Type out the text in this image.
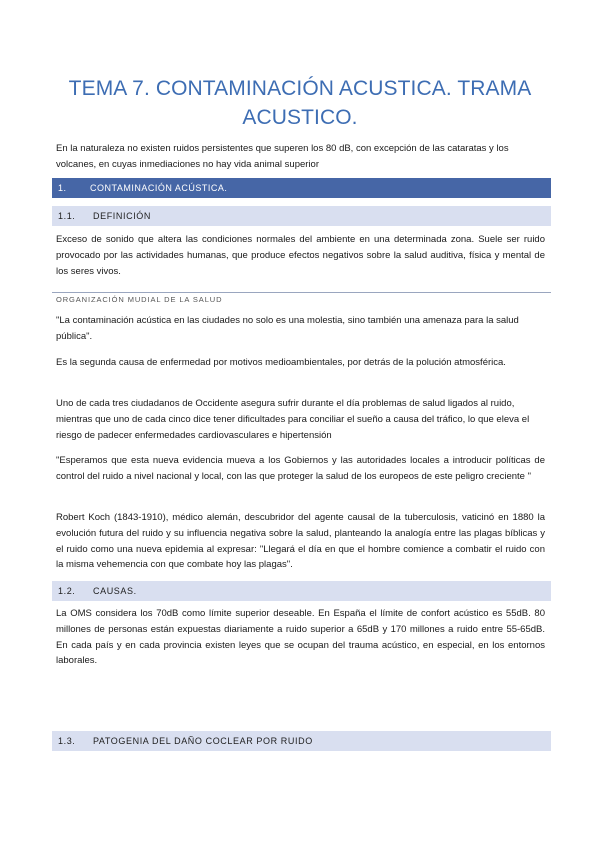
TEMA 7. CONTAMINACIÓN ACUSTICA. TRAMA
ACUSTICO.

En la naturaleza no existen ruidos persistentes que superen los 80 dB, con excepción de las cataratas y los volcanes, en cuyas inmediaciones no hay vida animal superior

1.	CONTAMINACIÓN ACÚSTICA.
1.1.	DEFINICIÓN

Exceso de sonido que altera las condiciones normales del ambiente en una determinada zona. Suele ser ruido provocado por las actividades humanas, que produce efectos negativos sobre la salud auditiva, física y mental de los seres vivos.

ORGANIZACIÓN MUDIAL DE LA SALUD

"La contaminación acústica en las ciudades no solo es una molestia, sino también una amenaza para la salud pública".

Es la segunda causa de enfermedad por motivos medioambientales, por detrás de la polución atmosférica.

Uno de cada tres ciudadanos de Occidente asegura sufrir durante el día problemas de salud ligados al ruido, mientras que uno de cada cinco dice tener dificultades para conciliar el sueño a causa del tráfico, lo que eleva el riesgo de padecer enfermedades cardiovasculares e hipertensión

"Esperamos que esta nueva evidencia mueva a los Gobiernos y las autoridades locales a introducir políticas de control del ruido a nivel nacional y local, con las que proteger la salud de los europeos de este peligro creciente "

Robert Koch (1843-1910), médico alemán, descubridor del agente causal de la tuberculosis, vaticinó en 1880 la evolución futura del ruido y su influencia negativa sobre la salud, planteando la analogía entre las plagas bíblicas y el ruido como una nueva epidemia al expresar: "Llegará el día en que el hombre comience a combatir el ruido con la misma vehemencia con que combate hoy las plagas".

1.2.	CAUSAS.

La OMS considera los 70dB como límite superior deseable. En España el límite de confort acústico es 55dB. 80 millones de personas están expuestas diariamente a ruido superior a 65dB y 170 millones a ruido entre 55-65dB. En cada país y en cada provincia existen leyes que se ocupan del trauma acústico, en especial, en los entornos laborales.

1.3.	PATOGENIA DEL DAÑO COCLEAR POR RUIDO
